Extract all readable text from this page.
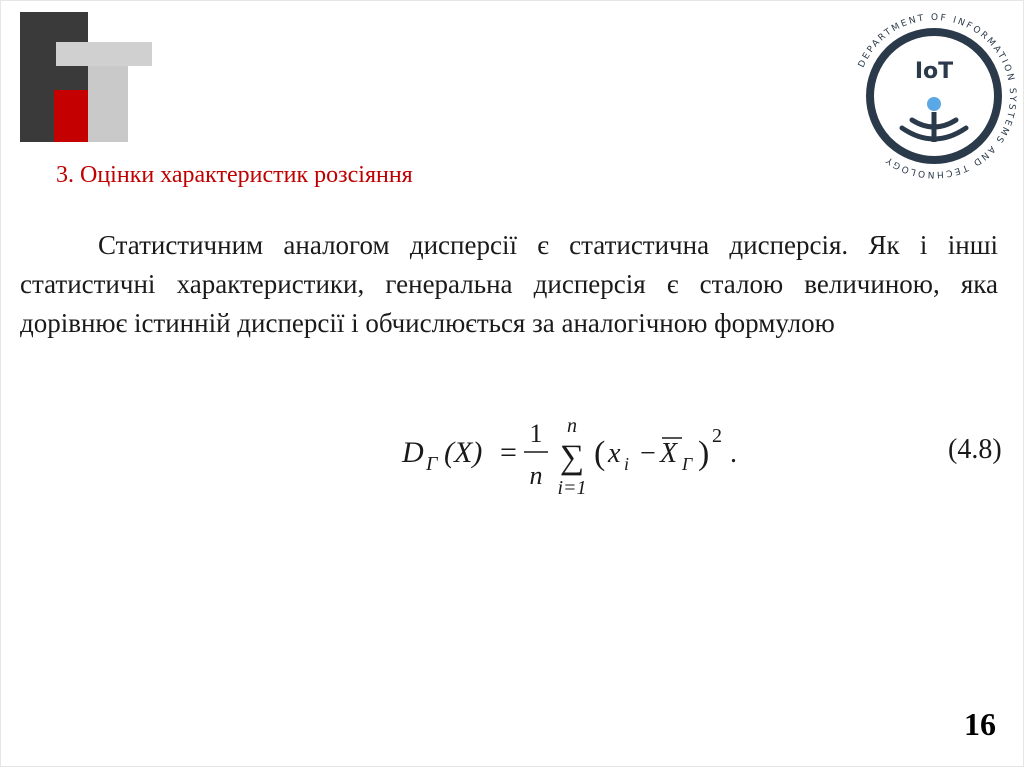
DEPARTMENT OF INFORMATION SYSTEMS AND TECHNOLOGY
IoT
3. Оцінки характеристик розсіяння
Статистичним аналогом дисперсії є статистична дисперсія. Як і інші статистичні характеристики, генеральна дисперсія є сталою величиною, яка дорівнює істинній дисперсії і обчислюється за аналогічною формулою
D Γ (X) =
1
n
n
∑
i=1
( x i − X Γ ) 2
.	(4.8)
16
